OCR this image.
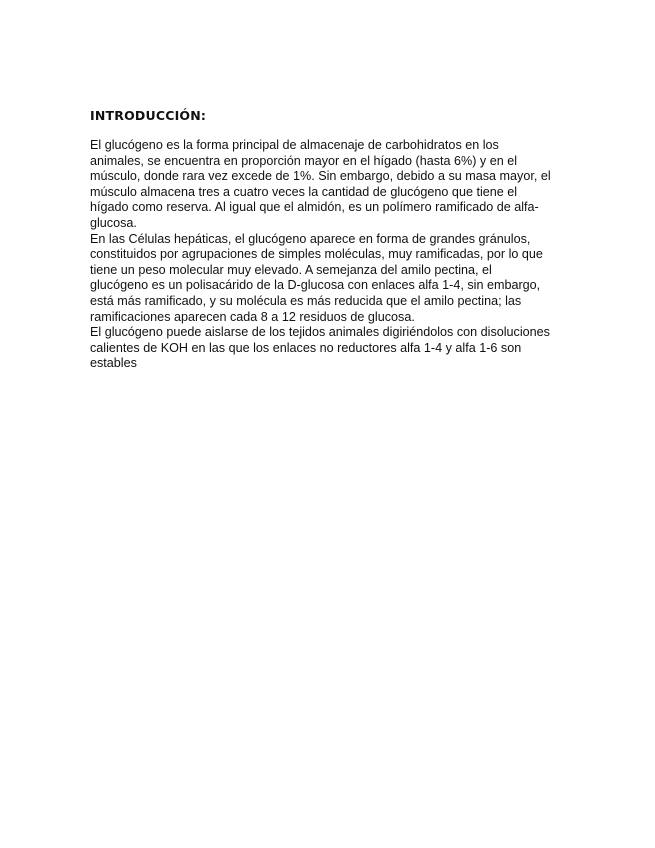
INTRODUCCIÓN:
El glucógeno es la forma principal de almacenaje de carbohidratos en los
animales, se encuentra en proporción mayor en el hígado (hasta 6%) y en el
músculo, donde rara vez excede de 1%. Sin embargo, debido a su masa mayor, el
músculo almacena tres a cuatro veces la cantidad de glucógeno que tiene el
hígado como reserva. Al igual que el almidón, es un polímero ramificado de alfa-
glucosa.
En las Células hepáticas, el glucógeno aparece en forma de grandes gránulos,
constituidos por agrupaciones de simples moléculas, muy ramificadas, por lo que
tiene un peso molecular muy elevado. A semejanza del amilo pectina, el
glucógeno es un polisacárido de la D-glucosa con enlaces alfa 1-4, sin embargo,
está más ramificado, y su molécula es más reducida que el amilo pectina; las
ramificaciones aparecen cada 8 a 12 residuos de glucosa.
El glucógeno puede aislarse de los tejidos animales digiriéndolos con disoluciones
calientes de KOH en las que los enlaces no reductores alfa 1-4 y alfa 1-6 son
estables
